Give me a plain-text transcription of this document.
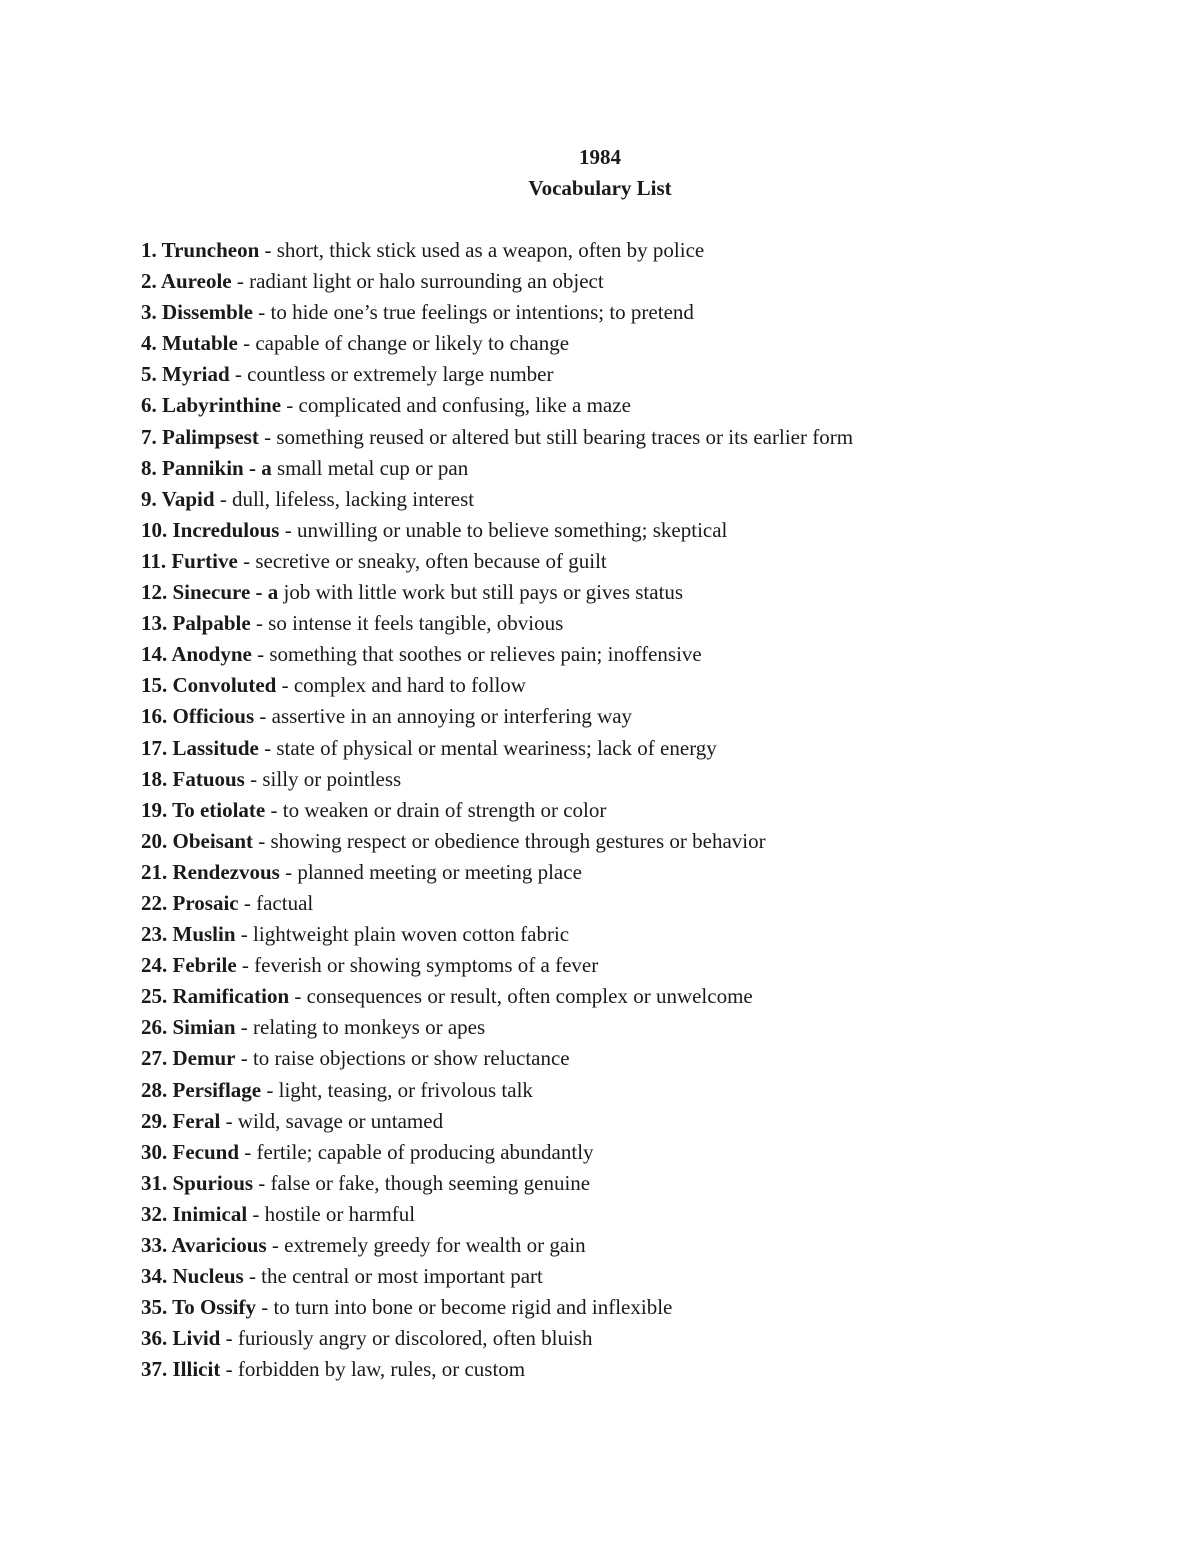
1984
Vocabulary List
1. Truncheon - short, thick stick used as a weapon, often by police
2. Aureole - radiant light or halo surrounding an object
3. Dissemble - to hide one’s true feelings or intentions; to pretend
4. Mutable - capable of change or likely to change
5. Myriad - countless or extremely large number
6. Labyrinthine - complicated and confusing, like a maze
7. Palimpsest - something reused or altered but still bearing traces or its earlier form
8. Pannikin - a small metal cup or pan
9. Vapid - dull, lifeless, lacking interest
10. Incredulous - unwilling or unable to believe something; skeptical
11. Furtive - secretive or sneaky, often because of guilt
12. Sinecure - a job with little work but still pays or gives status
13. Palpable - so intense it feels tangible, obvious
14. Anodyne - something that soothes or relieves pain; inoffensive
15. Convoluted - complex and hard to follow
16. Officious - assertive in an annoying or interfering way
17. Lassitude - state of physical or mental weariness; lack of energy
18. Fatuous - silly or pointless
19. To etiolate - to weaken or drain of strength or color
20. Obeisant - showing respect or obedience through gestures or behavior
21. Rendezvous - planned meeting or meeting place
22. Prosaic - factual
23. Muslin - lightweight plain woven cotton fabric
24. Febrile - feverish or showing symptoms of a fever
25. Ramification - consequences or result, often complex or unwelcome
26. Simian - relating to monkeys or apes
27. Demur - to raise objections or show reluctance
28. Persiflage - light, teasing, or frivolous talk
29. Feral - wild, savage or untamed
30. Fecund - fertile; capable of producing abundantly
31. Spurious - false or fake, though seeming genuine
32. Inimical - hostile or harmful
33. Avaricious - extremely greedy for wealth or gain
34. Nucleus - the central or most important part
35. To Ossify - to turn into bone or become rigid and inflexible
36. Livid - furiously angry or discolored, often bluish
37. Illicit - forbidden by law, rules, or custom
